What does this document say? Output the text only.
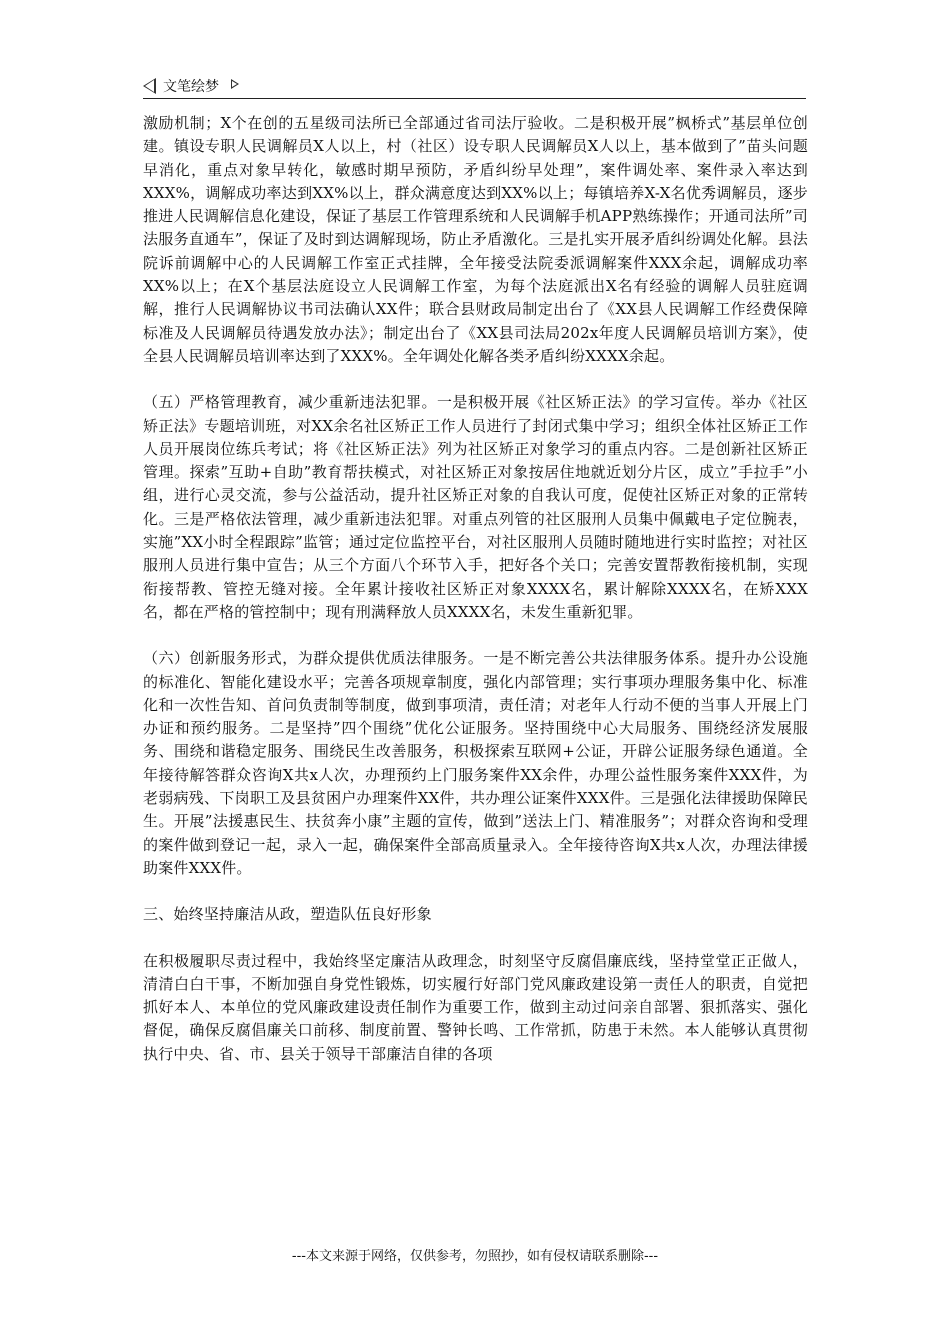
文笔绘梦

激励机制；X个在创的五星级司法所已全部通过省司法厅验收。二是积极开展”枫桥式”基层单位创建。镇设专职人民调解员X人以上，村（社区）设专职人民调解员X人以上，基本做到了”苗头问题早消化，重点对象早转化，敏感时期早预防，矛盾纠纷早处理”，案件调处率、案件录入率达到XXX%，调解成功率达到XX%以上，群众满意度达到XX%以上；每镇培养X-X名优秀调解员，逐步推进人民调解信息化建设，保证了基层工作管理系统和人民调解手机APP熟练操作；开通司法所”司法服务直通车”，保证了及时到达调解现场，防止矛盾激化。三是扎实开展矛盾纠纷调处化解。县法院诉前调解中心的人民调解工作室正式挂牌，全年接受法院委派调解案件XXX余起，调解成功率XX%以上；在X个基层法庭设立人民调解工作室，为每个法庭派出X名有经验的调解人员驻庭调解，推行人民调解协议书司法确认XX件；联合县财政局制定出台了《XX县人民调解工作经费保障标准及人民调解员待遇发放办法》；制定出台了《XX县司法局202x年度人民调解员培训方案》，使全县人民调解员培训率达到了XXX%。全年调处化解各类矛盾纠纷XXXX余起。

（五）严格管理教育，减少重新违法犯罪。一是积极开展《社区矫正法》的学习宣传。举办《社区矫正法》专题培训班，对XX余名社区矫正工作人员进行了封闭式集中学习；组织全体社区矫正工作人员开展岗位练兵考试；将《社区矫正法》列为社区矫正对象学习的重点内容。二是创新社区矫正管理。探索”互助+自助”教育帮扶模式，对社区矫正对象按居住地就近划分片区，成立”手拉手”小组，进行心灵交流，参与公益活动，提升社区矫正对象的自我认可度，促使社区矫正对象的正常转化。三是严格依法管理，减少重新违法犯罪。对重点列管的社区服刑人员集中佩戴电子定位腕表，实施”XX小时全程跟踪”监管；通过定位监控平台，对社区服刑人员随时随地进行实时监控；对社区服刑人员进行集中宣告；从三个方面八个环节入手，把好各个关口；完善安置帮教衔接机制，实现衔接帮教、管控无缝对接。全年累计接收社区矫正对象XXXX名，累计解除XXXX名，在矫XXX名，都在严格的管控制中；现有刑满释放人员XXXX名，未发生重新犯罪。

（六）创新服务形式，为群众提供优质法律服务。一是不断完善公共法律服务体系。提升办公设施的标准化、智能化建设水平；完善各项规章制度，强化内部管理；实行事项办理服务集中化、标准化和一次性告知、首问负责制等制度，做到事项清，责任清；对老年人行动不便的当事人开展上门办证和预约服务。二是坚持”四个围绕”优化公证服务。坚持围绕中心大局服务、围绕经济发展服务、围绕和谐稳定服务、围绕民生改善服务，积极探索互联网+公证，开辟公证服务绿色通道。全年接待解答群众咨询X共x人次，办理预约上门服务案件XX余件，办理公益性服务案件XXX件，为老弱病残、下岗职工及县贫困户办理案件XX件，共办理公证案件XXX件。三是强化法律援助保障民生。开展”法援惠民生、扶贫奔小康”主题的宣传，做到”送法上门、精准服务”；对群众咨询和受理的案件做到登记一起，录入一起，确保案件全部高质量录入。全年接待咨询X共x人次，办理法律援助案件XXX件。

三、始终坚持廉洁从政，塑造队伍良好形象

在积极履职尽责过程中，我始终坚定廉洁从政理念，时刻坚守反腐倡廉底线，坚持堂堂正正做人，清清白白干事，不断加强自身党性锻炼，切实履行好部门党风廉政建设第一责任人的职责，自觉把抓好本人、本单位的党风廉政建设责任制作为重要工作，做到主动过问亲自部署、狠抓落实、强化督促，确保反腐倡廉关口前移、制度前置、警钟长鸣、工作常抓，防患于未然。本人能够认真贯彻执行中央、省、市、县关于领导干部廉洁自律的各项

---本文来源于网络，仅供参考，勿照抄，如有侵权请联系删除---
